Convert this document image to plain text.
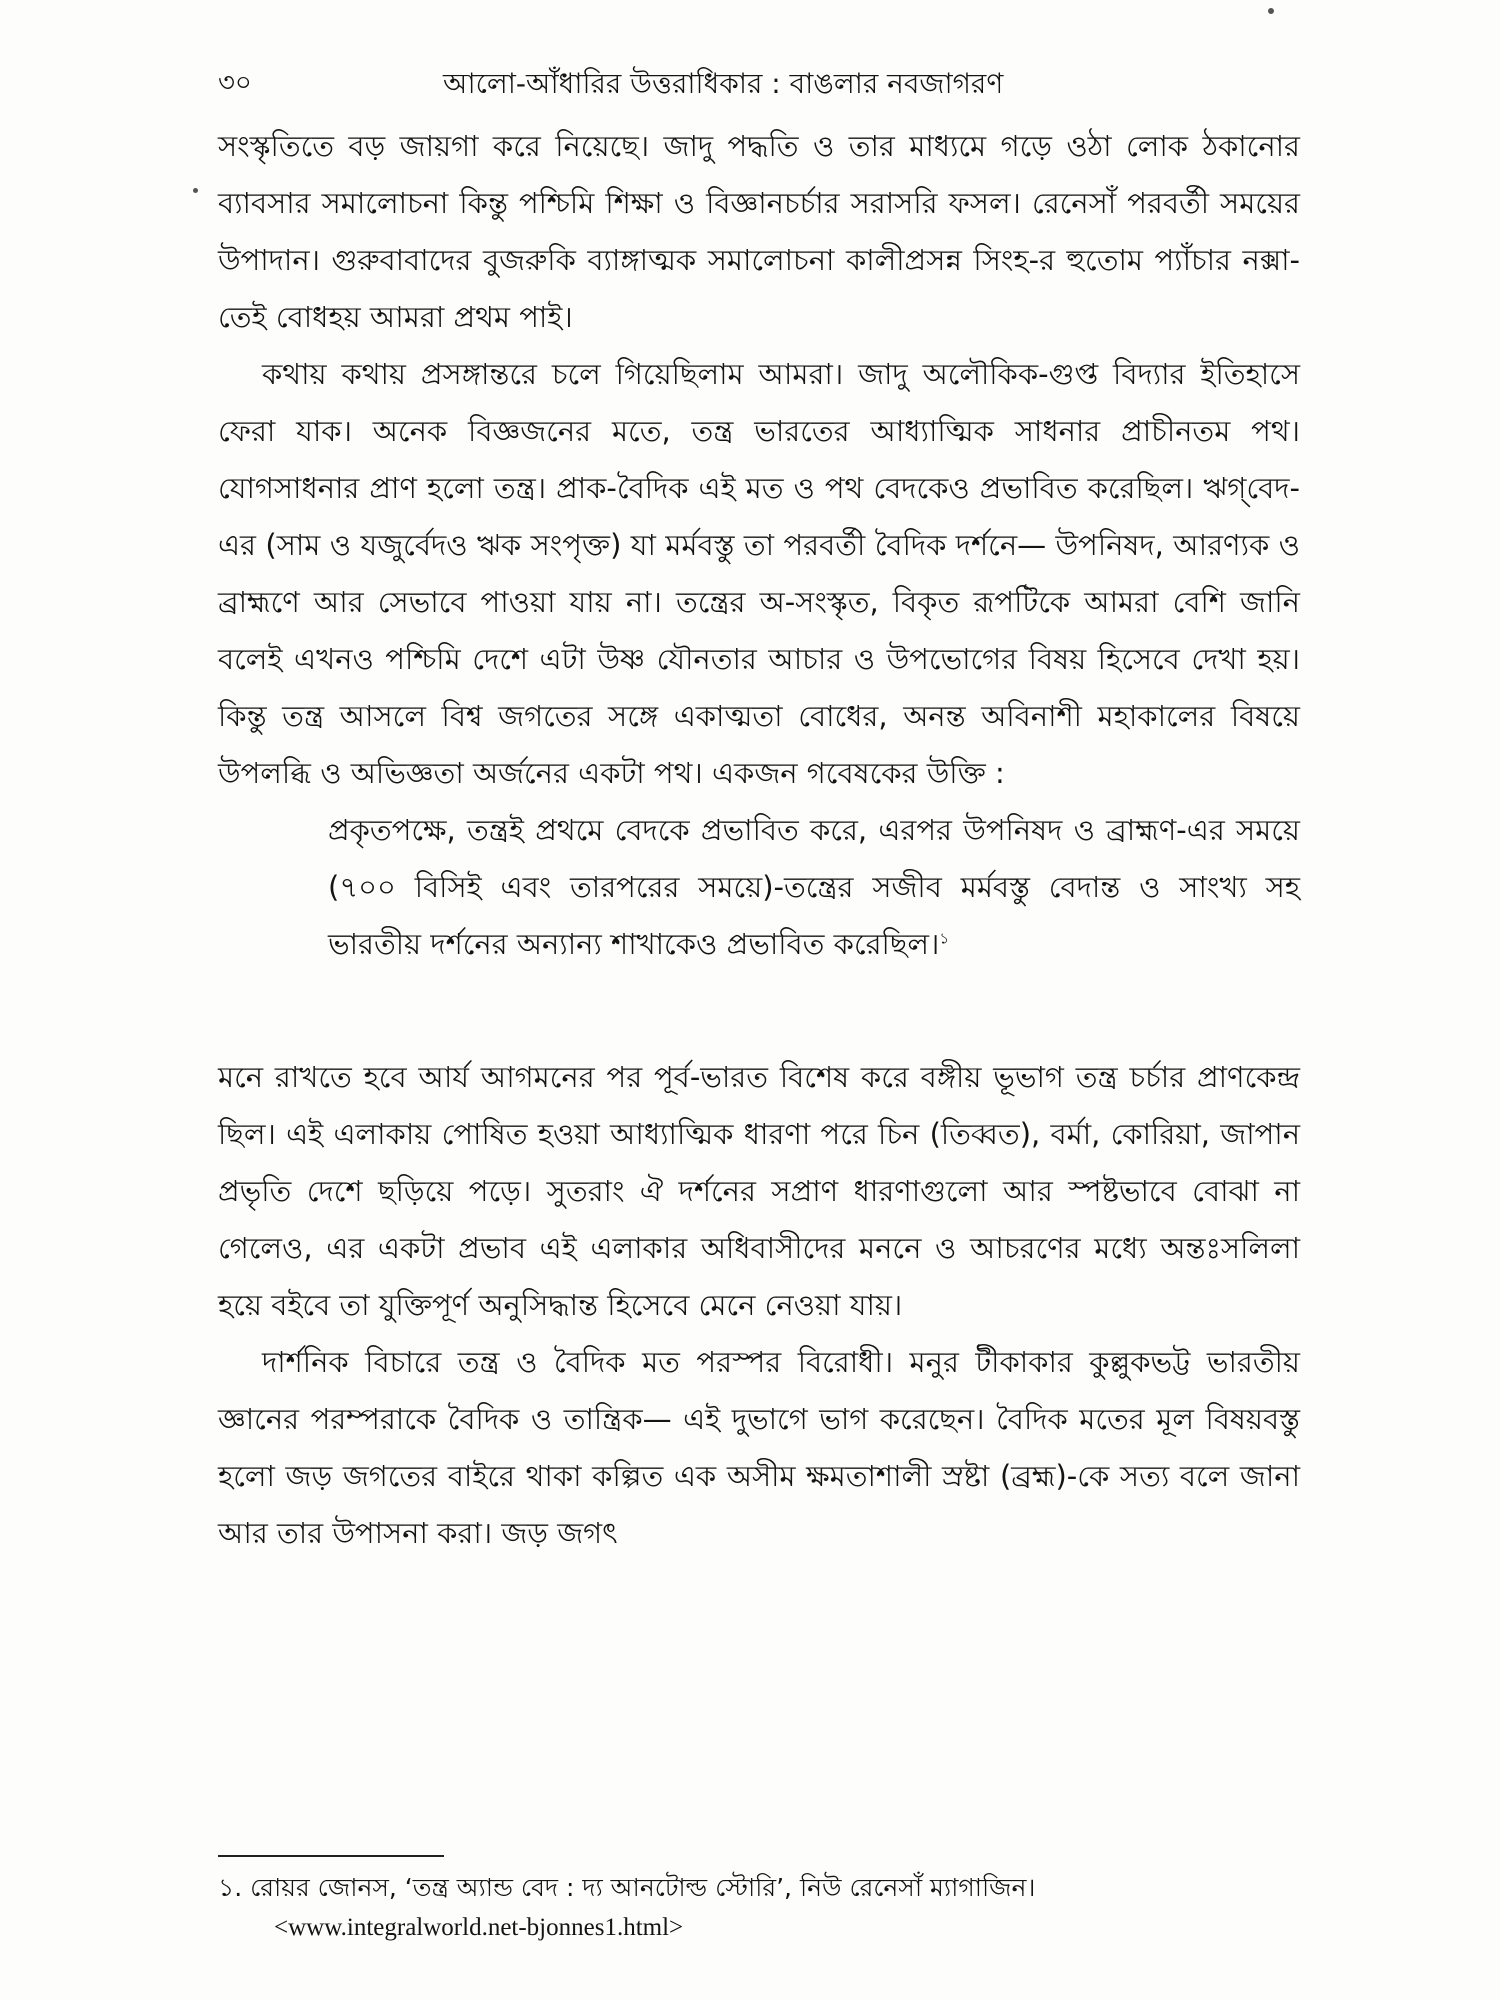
৩০	আলো-আঁধারির উত্তরাধিকার : বাঙলার নবজাগরণ

সংস্কৃতিতে বড় জায়গা করে নিয়েছে। জাদু পদ্ধতি ও তার মাধ্যমে গড়ে ওঠা লোক ঠকানোর ব্যাবসার সমালোচনা কিন্তু পশ্চিমি শিক্ষা ও বিজ্ঞানচর্চার সরাসরি ফসল। রেনেসাঁ পরবর্তী সময়ের উপাদান। গুরুবাবাদের বুজরুকি ব্যাঙ্গাত্মক সমালোচনা কালীপ্রসন্ন সিংহ-র হুতোম প্যাঁচার নক্সা-তেই বোধহয় আমরা প্রথম পাই।

কথায় কথায় প্রসঙ্গান্তরে চলে গিয়েছিলাম আমরা। জাদু অলৌকিক-গুপ্ত বিদ্যার ইতিহাসে ফেরা যাক। অনেক বিজ্ঞজনের মতে, তন্ত্র ভারতের আধ্যাত্মিক সাধনার প্রাচীনতম পথ। যোগসাধনার প্রাণ হলো তন্ত্র। প্রাক-বৈদিক এই মত ও পথ বেদকেও প্রভাবিত করেছিল। ঋগ্‌বেদ-এর (সাম ও যজুর্বেদও ঋক সংপৃক্ত) যা মর্মবস্তু তা পরবর্তী বৈদিক দর্শনে— উপনিষদ, আরণ্যক ও ব্রাহ্মণে আর সেভাবে পাওয়া যায় না। তন্ত্রের অ-সংস্কৃত, বিকৃত রূপটিকে আমরা বেশি জানি বলেই এখনও পশ্চিমি দেশে এটা উষ্ণ যৌনতার আচার ও উপভোগের বিষয় হিসেবে দেখা হয়। কিন্তু তন্ত্র আসলে বিশ্ব জগতের সঙ্গে একাত্মতা বোধের, অনন্ত অবিনাশী মহাকালের বিষয়ে উপলব্ধি ও অভিজ্ঞতা অর্জনের একটা পথ। একজন গবেষকের উক্তি :

প্রকৃতপক্ষে, তন্ত্রই প্রথমে বেদকে প্রভাবিত করে, এরপর উপনিষদ ও ব্রাহ্মণ-এর সময়ে (৭০০ বিসিই এবং তারপরের সময়ে)-তন্ত্রের সজীব মর্মবস্তু বেদান্ত ও সাংখ্য সহ ভারতীয় দর্শনের অন্যান্য শাখাকেও প্রভাবিত করেছিল।$^১$

মনে রাখতে হবে আর্য আগমনের পর পূর্ব-ভারত বিশেষ করে বঙ্গীয় ভূভাগ তন্ত্র চর্চার প্রাণকেন্দ্র ছিল। এই এলাকায় পোষিত হওয়া আধ্যাত্মিক ধারণা পরে চিন (তিব্বত), বর্মা, কোরিয়া, জাপান প্রভৃতি দেশে ছড়িয়ে পড়ে। সুতরাং ঐ দর্শনের সপ্রাণ ধারণাগুলো আর স্পষ্টভাবে বোঝা না গেলেও, এর একটা প্রভাব এই এলাকার অধিবাসীদের মননে ও আচরণের মধ্যে অন্তঃসলিলা হয়ে বইবে তা যুক্তিপূর্ণ অনুসিদ্ধান্ত হিসেবে মেনে নেওয়া যায়।

দার্শনিক বিচারে তন্ত্র ও বৈদিক মত পরস্পর বিরোধী। মনুর টীকাকার কুল্লুকভট্ট ভারতীয় জ্ঞানের পরম্পরাকে বৈদিক ও তান্ত্রিক— এই দুভাগে ভাগ করেছেন। বৈদিক মতের মূল বিষয়বস্তু হলো জড় জগতের বাইরে থাকা কল্পিত এক অসীম ক্ষমতাশালী স্রষ্টা (ব্রহ্ম)-কে সত্য বলে জানা আর তার উপাসনা করা। জড় জগৎ

১. রোয়র জোনস, ‘তন্ত্র অ্যান্ড বেদ : দ্য আনটোল্ড স্টোরি’, নিউ রেনেসাঁ ম্যাগাজিন।
<www.integralworld.net-bjonnes1.html>
